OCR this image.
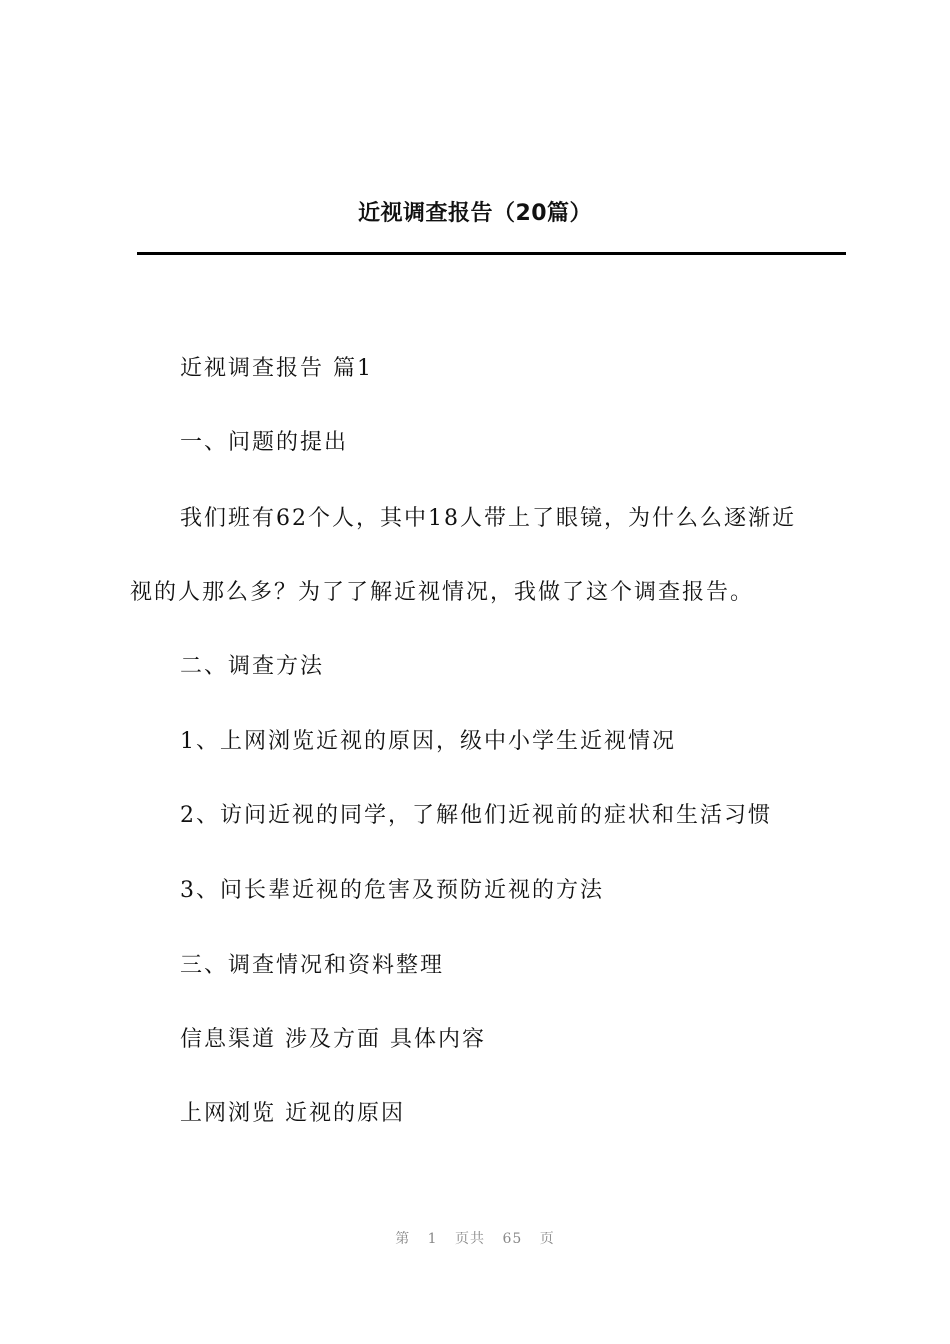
近视调查报告（20篇）
近视调查报告 篇1
一、问题的提出
我们班有62个人，其中18人带上了眼镜，为什么么逐渐近
视的人那么多？为了了解近视情况，我做了这个调查报告。
二、调查方法
1、上网浏览近视的原因，级中小学生近视情况
2、访问近视的同学，了解他们近视前的症状和生活习惯
3、问长辈近视的危害及预防近视的方法
三、调查情况和资料整理
信息渠道 涉及方面 具体内容
上网浏览 近视的原因
第 1 页共 65 页
